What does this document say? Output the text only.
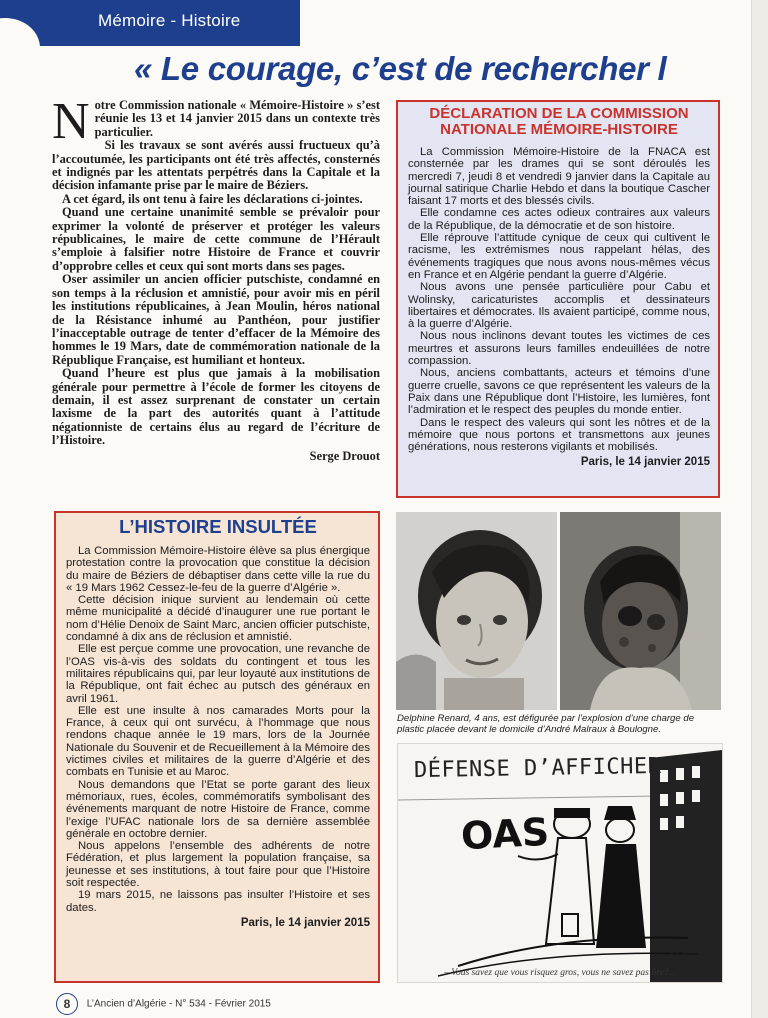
Mémoire - Histoire
« Le courage, c’est de rechercher l

Notre Commission nationale « Mémoire-Histoire » s’est réunie les 13 et 14 janvier 2015 dans un contexte très particulier.

Si les travaux se sont avérés aussi fructueux qu’à l’accoutumée, les participants ont été très affectés, consternés et indignés par les attentats perpétrés dans la Capitale et la décision infamante prise par le maire de Béziers.

A cet égard, ils ont tenu à faire les déclarations ci-jointes.

Quand une certaine unanimité semble se prévaloir pour exprimer la volonté de préserver et protéger les valeurs républicaines, le maire de cette commune de l’Hérault s’emploie à falsifier notre Histoire de France et couvrir d’opprobre celles et ceux qui sont morts dans ses pages.

Oser assimiler un ancien officier putschiste, condamné en son temps à la réclusion et amnistié, pour avoir mis en péril les institutions républicaines, à Jean Moulin, héros national de la Résistance inhumé au Panthéon, pour justifier l’inacceptable outrage de tenter d’effacer de la Mémoire des hommes le 19 Mars, date de commémoration nationale de la République Française, est humiliant et honteux.

Quand l’heure est plus que jamais à la mobilisation générale pour permettre à l’école de former les citoyens de demain, il est assez surprenant de constater un certain laxisme de la part des autorités quant à l’attitude négationniste de certains élus au regard de l’écriture de l’Histoire.

Serge Drouot
DÉCLARATION DE LA COMMISSION NATIONALE MÉMOIRE-HISTOIRE

La Commission Mémoire-Histoire de la FNACA est consternée par les drames qui se sont déroulés les mercredi 7, jeudi 8 et vendredi 9 janvier dans la Capitale au journal satirique Charlie Hebdo et dans la boutique Cascher faisant 17 morts et des blessés civils.

Elle condamne ces actes odieux contraires aux valeurs de la République, de la démocratie et de son histoire.

Elle réprouve l’attitude cynique de ceux qui cultivent le racisme, les extrémismes nous rappelant hélas, des événements tragiques que nous avons nous-mêmes vécus en France et en Algérie pendant la guerre d’Algérie.

Nous avons une pensée particulière pour Cabu et Wolinsky, caricaturistes accomplis et dessinateurs libertaires et démocrates. Ils avaient participé, comme nous, à la guerre d’Algérie.

Nous nous inclinons devant toutes les victimes de ces meurtres et assurons leurs familles endeuillées de notre compassion.

Nous, anciens combattants, acteurs et témoins d’une guerre cruelle, savons ce que représentent les valeurs de la Paix dans une République dont l’Histoire, les lumières, font l’admiration et le respect des peuples du monde entier.

Dans le respect des valeurs qui sont les nôtres et de la mémoire que nous portons et transmettons aux jeunes générations, nous resterons vigilants et mobilisés.

Paris, le 14 janvier 2015
L’HISTOIRE INSULTÉE

La Commission Mémoire-Histoire élève sa plus énergique protestation contre la provocation que constitue la décision du maire de Béziers de débaptiser dans cette ville la rue du « 19 Mars 1962 Cessez-le-feu de la guerre d’Algérie ».

Cette décision inique survient au lendemain où cette même municipalité a décidé d’inaugurer une rue portant le nom d’Hélie Denoix de Saint Marc, ancien officier putschiste, condamné à dix ans de réclusion et amnistié.

Elle est perçue comme une provocation, une revanche de l’OAS vis-à-vis des soldats du contingent et tous les militaires républicains qui, par leur loyauté aux institutions de la République, ont fait échec au putsch des généraux en avril 1961.

Elle est une insulte à nos camarades Morts pour la France, à ceux qui ont survécu, à l’hommage que nous rendons chaque année le 19 mars, lors de la Journée Nationale du Souvenir et de Recueillement à la Mémoire des victimes civiles et militaires de la guerre d’Algérie et des combats en Tunisie et au Maroc.

Nous demandons que l’Etat se porte garant des lieux mémoriaux, rues, écoles, commémoratifs symbolisant des événements marquant de notre Histoire de France, comme l’exige l’UFAC nationale lors de sa dernière assemblée générale en octobre dernier.

Nous appelons l’ensemble des adhérents de notre Fédération, et plus largement la population française, sa jeunesse et ses institutions, à tout faire pour que l’Histoire soit respectée.

19 mars 2015, ne laissons pas insulter l’Histoire et ses dates.

Paris, le 14 janvier 2015
Delphine Renard, 4 ans, est défigurée par l’explosion d’une charge de plastic placée devant le domicile d’André Malraux à Boulogne.
DÉFENSE D’AFFICHER
OAS
F. Lap.
– Vous savez que vous risquez gros, vous ne savez pas lire?...
8 L’Ancien d’Algérie - N° 534 - Février 2015
